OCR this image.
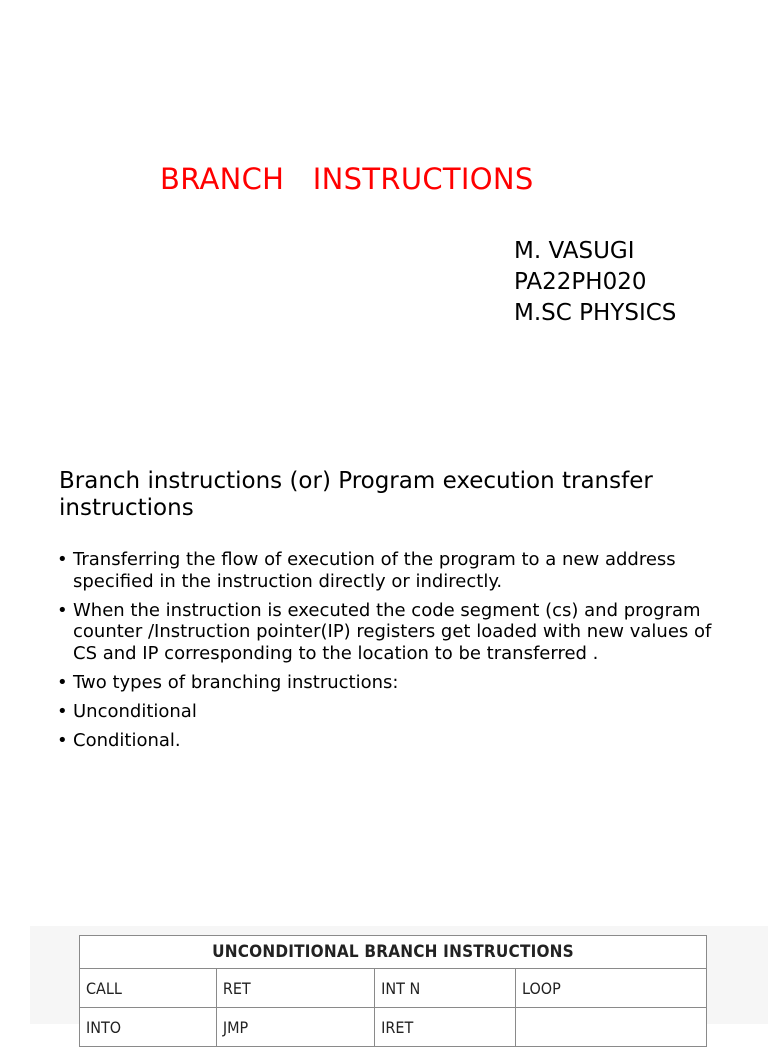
BRANCH   INSTRUCTIONS
M. VASUGI
PA22PH020
M.SC PHYSICS
Branch instructions (or) Program execution transfer instructions
• Transferring the flow of execution of the program to a new address specified in the instruction directly or indirectly.
• When the instruction is executed the code segment (cs) and program counter /Instruction pointer(IP) registers get loaded with new values of CS and IP corresponding to the location to be transferred .
• Two types of branching instructions:
• Unconditional
• Conditional.
UNCONDITIONAL BRANCH INSTRUCTIONS			
CALL	RET	INT N	LOOP
INTO	JMP	IRET	
